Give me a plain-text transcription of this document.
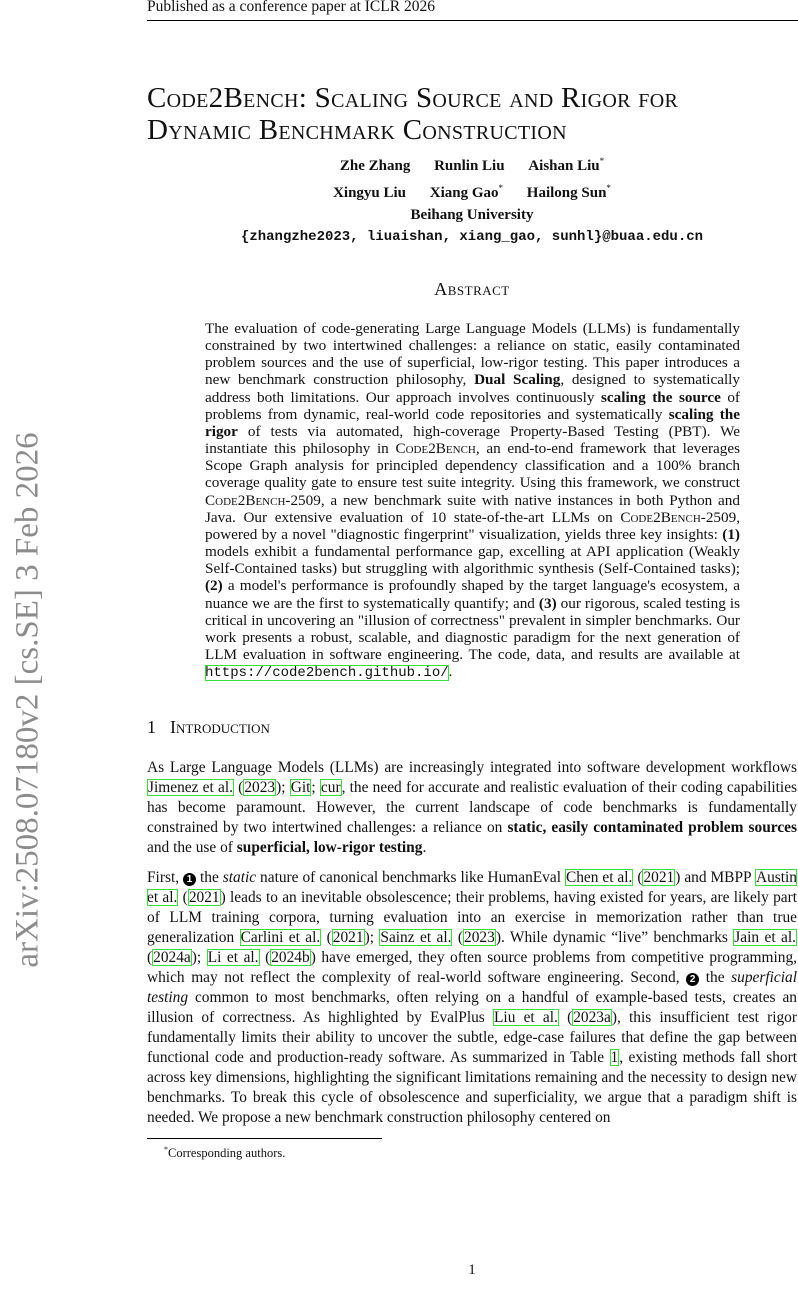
arXiv:2508.07180v2 [cs.SE] 3 Feb 2026
Published as a conference paper at ICLR 2026
Code2Bench: Scaling Source and Rigor for
Dynamic Benchmark Construction
Zhe Zhang Runlin Liu Aishan Liu*
Xingyu Liu Xiang Gao* Hailong Sun*
Beihang University
{zhangzhe2023, liuaishan, xiang_gao, sunhl}@buaa.edu.cn
Abstract
The evaluation of code-generating Large Language Models (LLMs) is fundamentally constrained by two intertwined challenges: a reliance on static, easily contaminated problem sources and the use of superficial, low-rigor testing. This paper introduces a new benchmark construction philosophy, Dual Scaling, designed to systematically address both limitations. Our approach involves continuously scaling the source of problems from dynamic, real-world code repositories and systematically scaling the rigor of tests via automated, high-coverage Property-Based Testing (PBT). We instantiate this philosophy in Code2Bench, an end-to-end framework that leverages Scope Graph analysis for principled dependency classification and a 100% branch coverage quality gate to ensure test suite integrity. Using this framework, we construct Code2Bench-2509, a new benchmark suite with native instances in both Python and Java. Our extensive evaluation of 10 state-of-the-art LLMs on Code2Bench-2509, powered by a novel "diagnostic fingerprint" visualization, yields three key insights: (1) models exhibit a fundamental performance gap, excelling at API application (Weakly Self-Contained tasks) but struggling with algorithmic synthesis (Self-Contained tasks); (2) a model's performance is profoundly shaped by the target language's ecosystem, a nuance we are the first to systematically quantify; and (3) our rigorous, scaled testing is critical in uncovering an "illusion of correctness" prevalent in simpler benchmarks. Our work presents a robust, scalable, and diagnostic paradigm for the next generation of LLM evaluation in software engineering. The code, data, and results are available at https://code2bench.github.io/.
1 Introduction

As Large Language Models (LLMs) are increasingly integrated into software development workflows Jimenez et al. (2023); Git; cur, the need for accurate and realistic evaluation of their coding capabilities has become paramount. However, the current landscape of code benchmarks is fundamentally constrained by two intertwined challenges: a reliance on static, easily contaminated problem sources and the use of superficial, low-rigor testing.

First, 1 the static nature of canonical benchmarks like HumanEval Chen et al. (2021) and MBPP Austin et al. (2021) leads to an inevitable obsolescence; their problems, having existed for years, are likely part of LLM training corpora, turning evaluation into an exercise in memorization rather than true generalization Carlini et al. (2021); Sainz et al. (2023). While dynamic “live” benchmarks Jain et al. (2024a); Li et al. (2024b) have emerged, they often source problems from competitive programming, which may not reflect the complexity of real-world software engineering. Second, 2 the superficial testing common to most benchmarks, often relying on a handful of example-based tests, creates an illusion of correctness. As highlighted by EvalPlus Liu et al. (2023a), this insufficient test rigor fundamentally limits their ability to uncover the subtle, edge-case failures that define the gap between functional code and production-ready software. As summarized in Table 1, existing methods fall short across key dimensions, highlighting the significant limitations remaining and the necessity to design new benchmarks. To break this cycle of obsolescence and superficiality, we argue that a paradigm shift is needed. We propose a new benchmark construction philosophy centered on

*Corresponding authors.
1
